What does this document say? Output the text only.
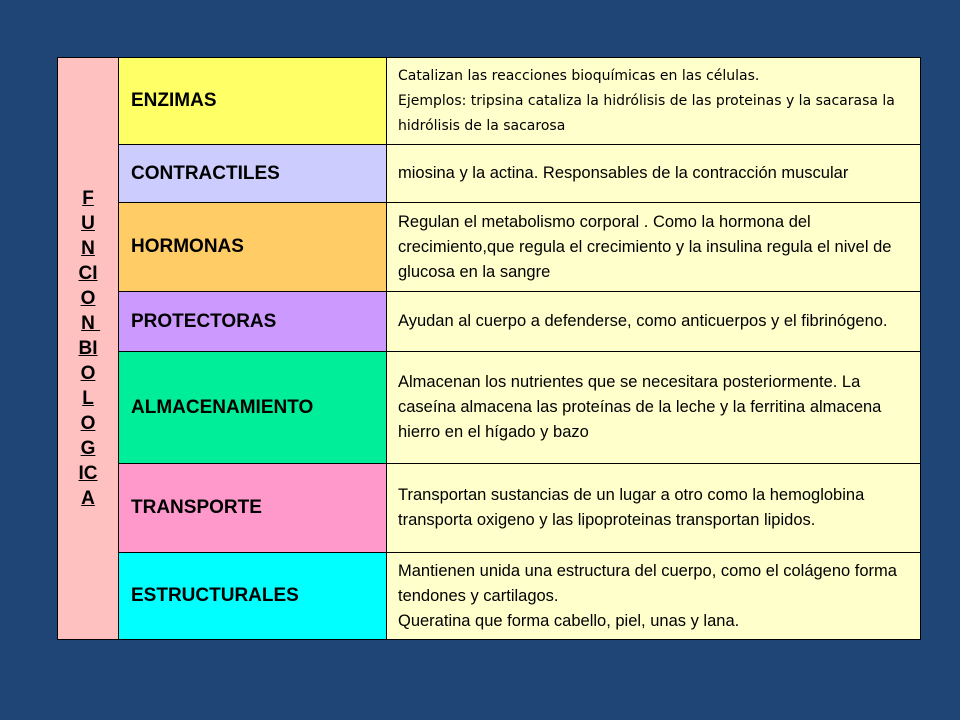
FUNCION BIOLOGICA	ENZIMAS	Catalizan las reacciones bioquímicas en las células.
Ejemplos: tripsina cataliza la hidrólisis de las proteinas y la sacarasa la hidrólisis de la sacarosa
	CONTRACTILES	miosina y la actina. Responsables de la contracción muscular
	HORMONAS	Regulan el metabolismo corporal . Como la hormona del crecimiento,que regula el crecimiento y la insulina regula el nivel de glucosa en la sangre
	PROTECTORAS	Ayudan al cuerpo a defenderse, como anticuerpos y el fibrinógeno.
	ALMACENAMIENTO	Almacenan los nutrientes que se necesitara posteriormente. La caseína almacena las proteínas de la leche y la ferritina almacena hierro en el hígado y bazo
	TRANSPORTE	Transportan sustancias de un lugar a otro como la hemoglobina transporta oxigeno y las lipoproteinas transportan lipidos.
	ESTRUCTURALES	Mantienen unida una estructura del cuerpo, como el colágeno forma tendones y cartilagos.
Queratina que forma cabello, piel, unas y lana.
